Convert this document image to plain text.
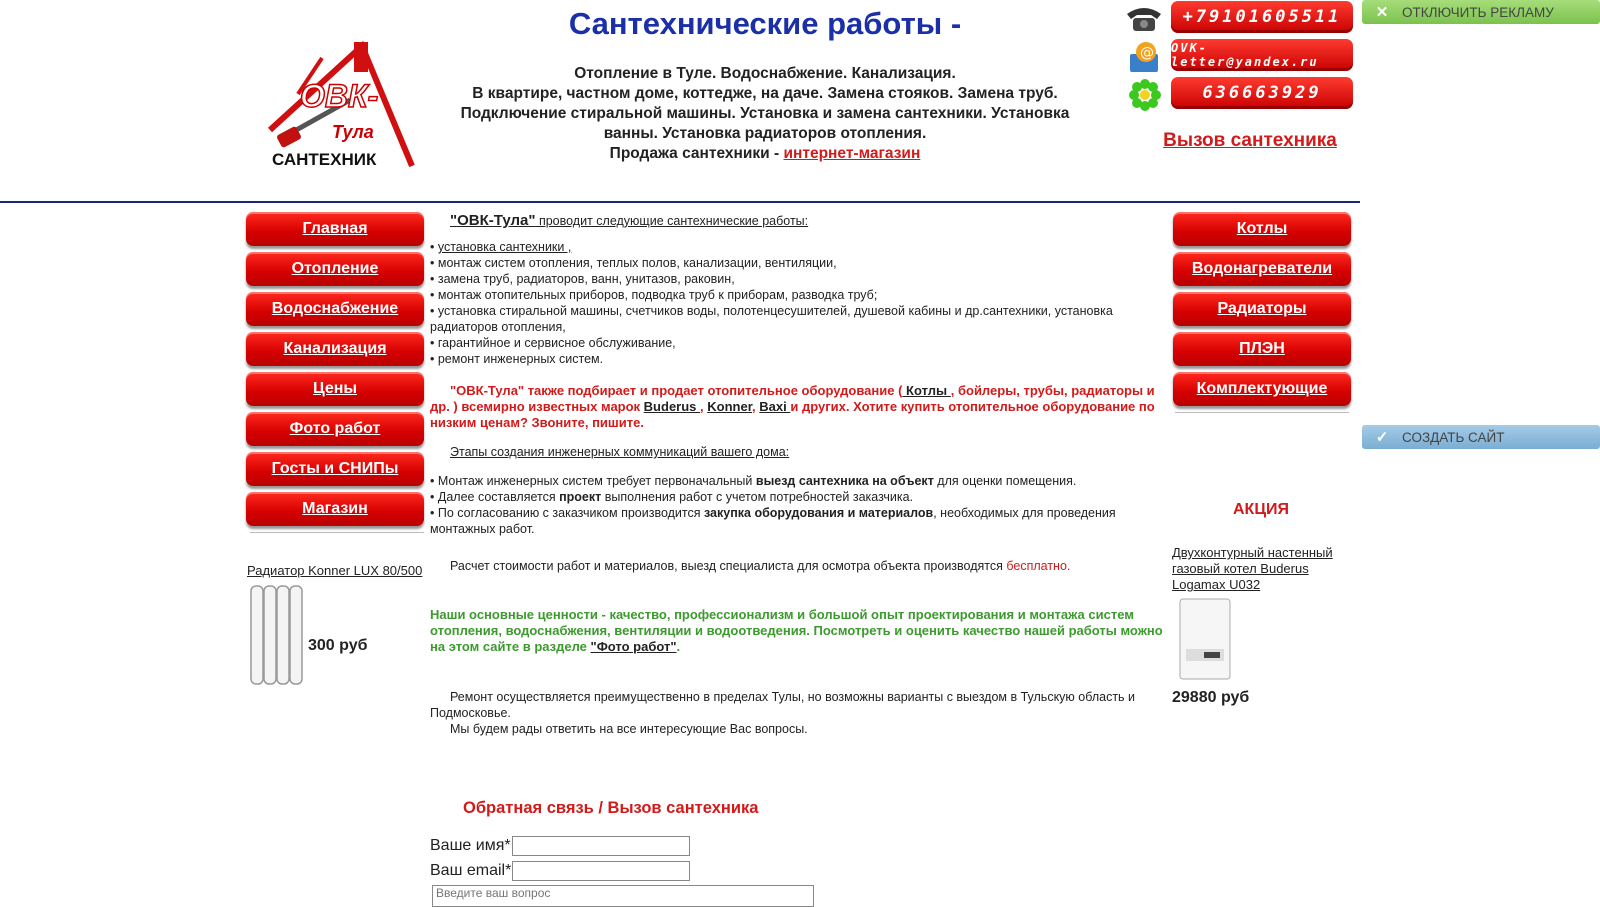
ОВК-
Тула
САНТЕХНИК
Сантехнические работы -
Отопление в Туле. Водоснабжение. Канализация.
В квартире, частном доме, коттедже, на даче. Замена стояков. Замена труб.
Подключение стиральной машины. Установка и замена сантехники. Установка
ванны. Установка радиаторов отопления.
Продажа сантехники - интернет-магазин
+79101605511
@ OVK-letter@yandex.ru
636663929
Вызов сантехника
✕	ОТКЛЮЧИТЬ РЕКЛАМУ
✓	СОЗДАТЬ САЙТ
Главная
Отопление
Водоснабжение
Канализация
Цены
Фото работ
Госты и СНИПы
Магазин
Радиатор Konner LUX 80/500
300 руб
Котлы
Водонагреватели
Радиаторы
ПЛЭН
Комплектующие
АКЦИЯ
Двухконтурный настенный газовый котел Buderus Logamax U032
29880 руб

"ОВК-Тула" проводит следующие сантехнические работы:

• установка сантехники ,
• монтаж систем отопления, теплых полов, канализации, вентиляции,
• замена труб, радиаторов, ванн, унитазов, раковин,
• монтаж отопительных приборов, подводка труб к приборам, разводка труб;
• установка стиральной машины, счетчиков воды, полотенцесушителей, душевой кабины и др.сантехники, установка радиаторов отопления,
• гарантийное и сервисное обслуживание,
• ремонт инженерных систем.

"ОВК-Тула" также подбирает и продает отопительное оборудование ( Котлы , бойлеры, трубы, радиаторы и др. ) всемирно известных марок Buderus , Konner, Baxi и других. Хотите купить отопительное оборудование по низким ценам? Звоните, пишите.

Этапы создания инженерных коммуникаций вашего дома:

• Монтаж инженерных систем требует первоначальный выезд сантехника на объект для оценки помещения.
• Далее составляется проект выполнения работ с учетом потребностей заказчика.
• По согласованию с заказчиком производится закупка оборудования и материалов, необходимых для проведения монтажных работ.

Расчет стоимости работ и материалов, выезд специалиста для осмотра объекта производятся бесплатно.

Наши основные ценности - качество, профессионализм и большой опыт проектирования и монтажа систем отопления, водоснабжения, вентиляции и водоотведения. Посмотреть и оценить качество нашей работы можно на этом сайте в разделе "Фото работ".

Ремонт осуществляется преимущественно в пределах Тулы, но возможны варианты с выездом в Тульскую область и Подмосковье.

Мы будем рады ответить на все интересующие Вас вопросы.

Обратная связь / Вызов сантехника
Ваше имя*
Ваш email*
Введите ваш вопрос
